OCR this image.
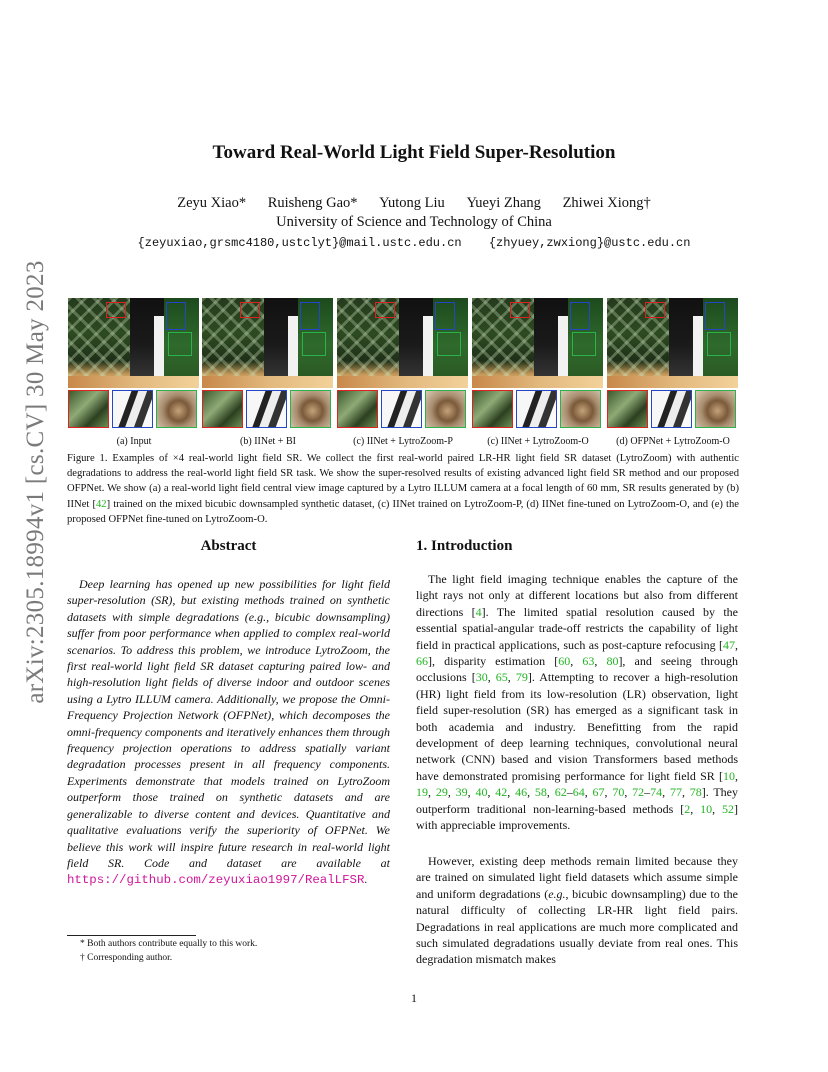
arXiv:2305.18994v1 [cs.CV] 30 May 2023
Toward Real-World Light Field Super-Resolution
Zeyu Xiao* Ruisheng Gao* Yutong Liu Yueyi Zhang Zhiwei Xiong†
University of Science and Technology of China
{zeyuxiao,grsmc4180,ustclyt}@mail.ustc.edu.cn {zhyuey,zwxiong}@ustc.edu.cn
(a) Input	(b) IINet + BI	(c) IINet + LytroZoom-P	(c) IINet + LytroZoom-O	(d) OFPNet + LytroZoom-O
Figure 1. Examples of ×4 real-world light field SR. We collect the first real-world paired LR-HR light field SR dataset (LytroZoom) with authentic degradations to address the real-world light field SR task. We show the super-resolved results of existing advanced light field SR method and our proposed OFPNet. We show (a) a real-world light field central view image captured by a Lytro ILLUM camera at a focal length of 60 mm, SR results generated by (b) IINet [42] trained on the mixed bicubic downsampled synthetic dataset, (c) IINet trained on LytroZoom-P, (d) IINet fine-tuned on LytroZoom-O, and (e) the proposed OFPNet fine-tuned on LytroZoom-O.
Abstract
Deep learning has opened up new possibilities for light field super-resolution (SR), but existing methods trained on synthetic datasets with simple degradations (e.g., bicubic downsampling) suffer from poor performance when applied to complex real-world scenarios. To address this problem, we introduce LytroZoom, the first real-world light field SR dataset capturing paired low- and high-resolution light fields of diverse indoor and outdoor scenes using a Lytro ILLUM camera. Additionally, we propose the Omni-Frequency Projection Network (OFPNet), which decomposes the omni-frequency components and iteratively enhances them through frequency projection operations to address spatially variant degradation processes present in all frequency components. Experiments demonstrate that models trained on LytroZoom outperform those trained on synthetic datasets and are generalizable to diverse content and devices. Quantitative and qualitative evaluations verify the superiority of OFPNet. We believe this work will inspire future research in real-world light field SR. Code and dataset are available at https://github.com/zeyuxiao1997/RealLFSR.
1. Introduction
The light field imaging technique enables the capture of the light rays not only at different locations but also from different directions [4]. The limited spatial resolution caused by the essential spatial-angular trade-off restricts the capability of light field in practical applications, such as post-capture refocusing [47, 66], disparity estimation [60, 63, 80], and seeing through occlusions [30, 65, 79]. Attempting to recover a high-resolution (HR) light field from its low-resolution (LR) observation, light field super-resolution (SR) has emerged as a significant task in both academia and industry. Benefitting from the rapid development of deep learning techniques, convolutional neural network (CNN) based and vision Transformers based methods have demonstrated promising performance for light field SR [10, 19, 29, 39, 40, 42, 46, 58, 62–64, 67, 70, 72–74, 77, 78]. They outperform traditional non-learning-based methods [2, 10, 52] with appreciable improvements.
However, existing deep methods remain limited because they are trained on simulated light field datasets which assume simple and uniform degradations (e.g., bicubic downsampling) due to the natural difficulty of collecting LR-HR light field pairs. Degradations in real applications are much more complicated and such simulated degradations usually deviate from real ones. This degradation mismatch makes
* Both authors contribute equally to this work.
† Corresponding author.
1
